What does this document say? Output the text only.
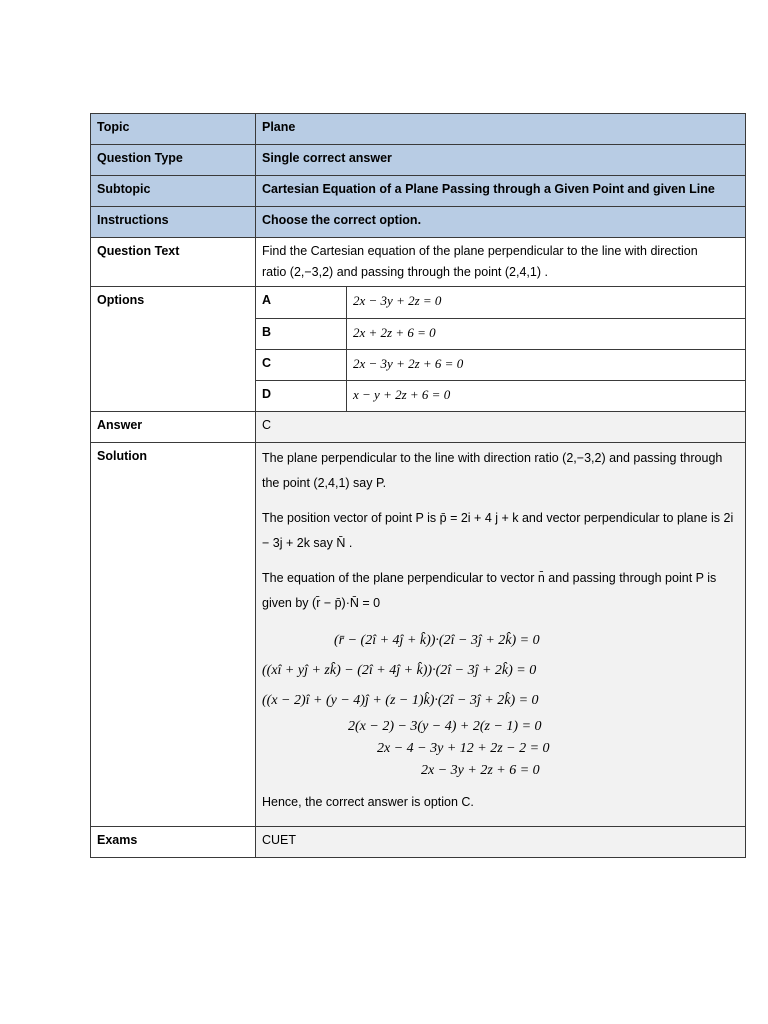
Topic	Plane
Question Type	Single correct answer
Subtopic	Cartesian Equation of a Plane Passing through a Given Point and given Line
Instructions	Choose the correct option.
Question Text	Find the Cartesian equation of the plane perpendicular to the line with direction
ratio (2,−3,2) and passing through the point (2,4,1) .

Options		A	2x − 3y + 2z = 0
B	2x + 2z + 6 = 0
C	2x − 3y + 2z + 6 = 0
D	x − y + 2z + 6 = 0

Answer	C
Solution	The plane perpendicular to the line with direction ratio (2,−3,2) and passing through the point (2,4,1) say P.

The position vector of point P is p̄ = 2i + 4 j + k and vector perpendicular to plane is 2i − 3j + 2k say N̄ .

The equation of the plane perpendicular to vector n̄ and passing through point P is given by (r̄ − p̄)·N̄ = 0

(r̄ − (2î + 4ĵ + k̂))·(2î − 3ĵ + 2k̂) = 0
((xî + yĵ + zk̂) − (2î + 4ĵ + k̂))·(2î − 3ĵ + 2k̂) = 0
((x − 2)î + (y − 4)ĵ + (z − 1)k̂)·(2î − 3ĵ + 2k̂) = 0
2(x − 2) − 3(y − 4) + 2(z − 1) = 0
2x − 4 − 3y + 12 + 2z − 2 = 0
2x − 3y + 2z + 6 = 0

Hence, the correct answer is option C.

Exams	CUET
